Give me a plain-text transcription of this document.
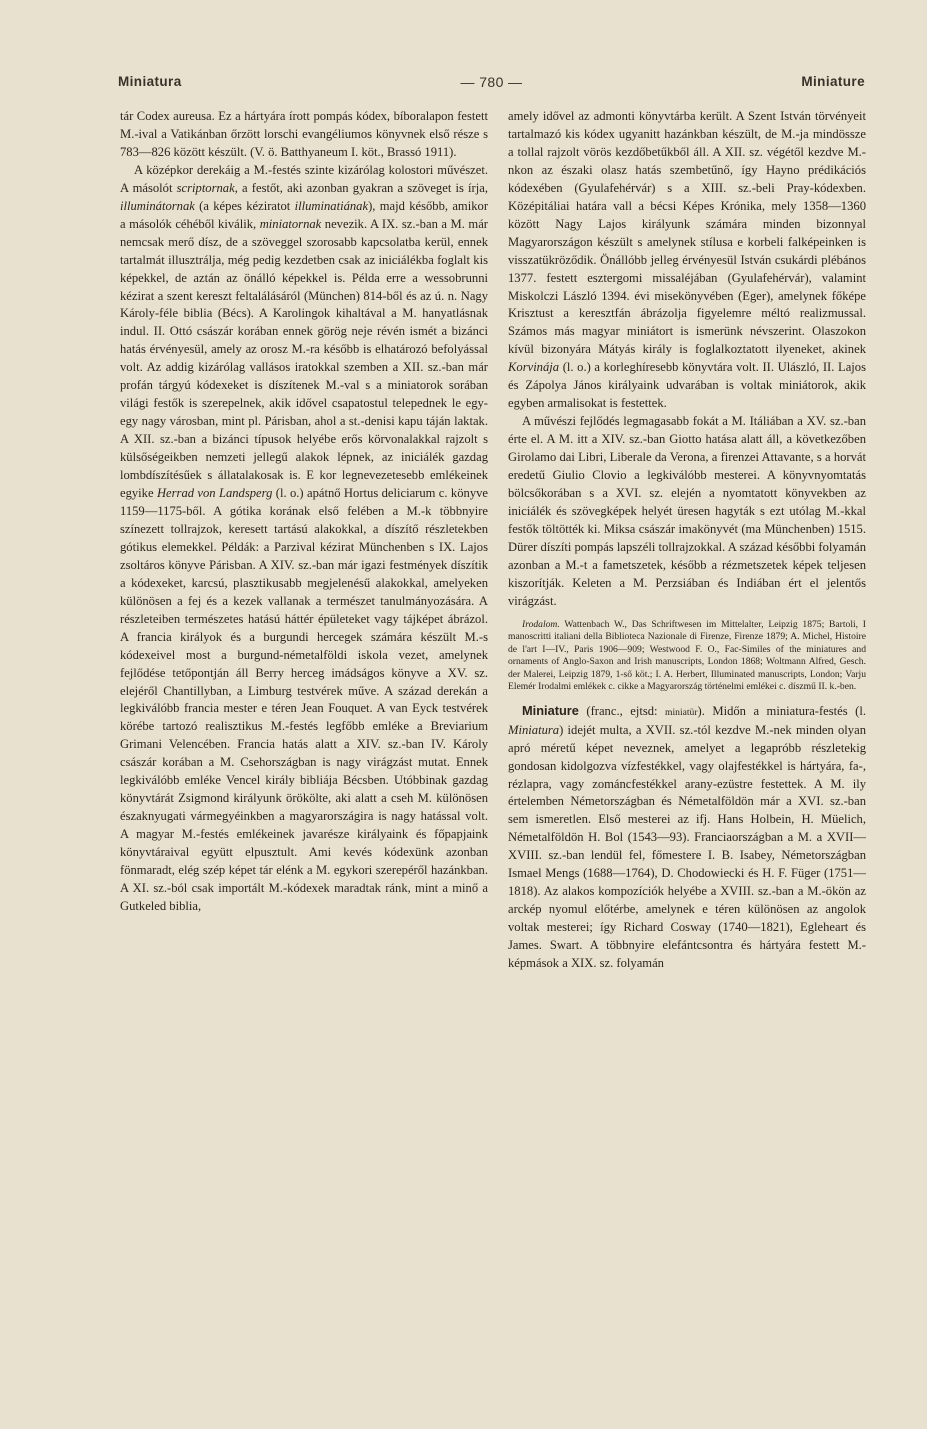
Miniatura	— 780 —	Miniature

tár Codex aureusa. Ez a hártyára írott pompás kódex, bíboralapon festett M.-ival a Vatikánban őrzött lorschi evangéliumos könyvnek első része s 783—826 között készült. (V. ö. Batthyaneum I. köt., Brassó 1911).

A középkor derekáig a M.-festés szinte kizárólag kolostori művészet. A másolót scriptornak, a festőt, aki azonban gyakran a szöveget is írja, illuminátornak (a képes kéziratot illuminatiának), majd később, amikor a másolók céhéből kiválik, miniatornak nevezik. A IX. sz.-ban a M. már nemcsak merő dísz, de a szöveggel szorosabb kapcsolatba kerül, ennek tartalmát illusztrálja, még pedig kezdetben csak az iniciálékba foglalt kis képekkel, de aztán az önálló képekkel is. Példa erre a wessobrunni kézirat a szent kereszt feltalálásáról (München) 814-ből és az ú. n. Nagy Károly-féle biblia (Bécs). A Karolingok kihaltával a M. hanyatlásnak indul. II. Ottó császár korában ennek görög neje révén ismét a bizánci hatás érvényesül, amely az orosz M.-ra később is elhatározó befolyással volt. Az addig kizárólag vallásos iratokkal szemben a XII. sz.-ban már profán tárgyú kódexeket is díszítenek M.-val s a miniatorok sorában világi festők is szerepelnek, akik idővel csapatostul telepednek le egy-egy nagy városban, mint pl. Párisban, ahol a st.-denisi kapu táján laktak. A XII. sz.-ban a bizánci típusok helyébe erős körvonalakkal rajzolt s külsőségeikben nemzeti jellegű alakok lépnek, az iniciálék gazdag lombdíszítésűek s állatalakosak is. E kor legnevezetesebb emlékeinek egyike Herrad von Landsperg (l. o.) apátnő Hortus deliciarum c. könyve 1159—1175-ből. A gótika korának első felében a M.-k többnyire színezett tollrajzok, keresett tartású alakokkal, a díszítő részletekben gótikus elemekkel. Példák: a Parzival kézirat Münchenben s IX. Lajos zsoltáros könyve Párisban. A XIV. sz.-ban már igazi festmények díszítik a kódexeket, karcsú, plasztikusabb megjelenésű alakokkal, amelyeken különösen a fej és a kezek vallanak a természet tanulmányozására. A részleteiben természetes hatású háttér épületeket vagy tájképet ábrázol. A francia királyok és a burgundi hercegek számára készült M.-s kódexeivel most a burgund-németalföldi iskola vezet, amelynek fejlődése tetőpontján áll Berry herceg imádságos könyve a XV. sz. elejéről Chantillyban, a Limburg testvérek műve. A század derekán a legkiválóbb francia mester e téren Jean Fouquet. A van Eyck testvérek körébe tartozó realisztikus M.-festés legfőbb emléke a Breviarium Grimani Velencében. Francia hatás alatt a XIV. sz.-ban IV. Károly császár korában a M. Csehországban is nagy virágzást mutat. Ennek legkiválóbb emléke Vencel király bibliája Bécsben. Utóbbinak gazdag könyvtárát Zsigmond királyunk örökölte, aki alatt a cseh M. különösen északnyugati vármegyéinkben a magyarországira is nagy hatással volt. A magyar M.-festés emlékeinek javarésze királyaink és főpapjaink könyvtáraival együtt elpusztult. Ami kevés kódexünk azonban fönmaradt, elég szép képet tár elénk a M. egykori szerepéről hazánkban. A XI. sz.-ból csak importált M.-kódexek maradtak ránk, mint a minő a Gutkeled biblia,

amely idővel az admonti könyvtárba került. A Szent István törvényeit tartalmazó kis kódex ugyanitt hazánkban készült, de M.-ja mindössze a tollal rajzolt vörös kezdőbetűkből áll. A XII. sz. végétől kezdve M.-nkon az északi olasz hatás szembetűnő, így Hayno prédikációs kódexében (Gyulafehérvár) s a XIII. sz.-beli Pray-kódexben. Középitáliai határa vall a bécsi Képes Krónika, mely 1358—1360 között Nagy Lajos királyunk számára minden bizonnyal Magyarországon készült s amelynek stílusa e korbeli falképeinken is visszatükröződik. Önállóbb jelleg érvényesül István csukárdi plébános 1377. festett esztergomi missaléjában (Gyulafehérvár), valamint Miskolczi László 1394. évi misekönyvében (Eger), amelynek főképe Krisztust a keresztfán ábrázolja figyelemre méltó realizmussal. Számos más magyar miniátort is ismerünk névszerint. Olaszokon kívül bizonyára Mátyás király is foglalkoztatott ilyeneket, akinek Korvinája (l. o.) a korleghíresebb könyvtára volt. II. Ulászló, II. Lajos és Zápolya János királyaink udvarában is voltak miniátorok, akik egyben armalisokat is festettek.

A művészi fejlődés legmagasabb fokát a M. Itáliában a XV. sz.-ban érte el. A M. itt a XIV. sz.-ban Giotto hatása alatt áll, a következőben Girolamo dai Libri, Liberale da Verona, a firenzei Attavante, s a horvát eredetű Giulio Clovio a legkiválóbb mesterei. A könyvnyomtatás bölcsőkorában s a XVI. sz. elején a nyomtatott könyvekben az iniciálék és szövegképek helyét üresen hagyták s ezt utólag M.-kkal festők töltötték ki. Miksa császár imakönyvét (ma Münchenben) 1515. Dürer díszíti pompás lapszéli tollrajzokkal. A század későbbi folyamán azonban a M.-t a fametszetek, később a rézmetszetek képek teljesen kiszorítják. Keleten a M. Perzsiában és Indiában ért el jelentős virágzást.

Irodalom. Wattenbach W., Das Schriftwesen im Mittelalter, Leipzig 1875; Bartoli, I manoscritti italiani della Biblioteca Nazionale di Firenze, Firenze 1879; A. Michel, Histoire de l'art I—IV., Paris 1906—909; Westwood F. O., Fac-Similes of the miniatures and ornaments of Anglo-Saxon and Irish manuscripts, London 1868; Woltmann Alfred, Gesch. der Malerei, Leipzig 1879, 1-ső köt.; I. A. Herbert, Illuminated manuscripts, London; Varju Elemér Irodalmi emlékek c. cikke a Magyarország történelmi emlékei c. díszmű II. k.-ben.

Miniature (franc., ejtsd: miniatür). Midőn a miniatura-festés (l. Miniatura) idejét multa, a XVII. sz.-tól kezdve M.-nek minden olyan apró méretű képet neveznek, amelyet a legapróbb részletekig gondosan kidolgozva vízfestékkel, vagy olajfestékkel is hártyára, fa-, rézlapra, vagy zománcfestékkel arany-ezüstre festettek. A M. ily értelemben Németországban és Németalföldön már a XVI. sz.-ban sem ismeretlen. Első mesterei az ifj. Hans Holbein, H. Müelich, Németalföldön H. Bol (1543—93). Franciaországban a M. a XVII—XVIII. sz.-ban lendül fel, főmestere I. B. Isabey, Németországban Ismael Mengs (1688—1764), D. Chodowiecki és H. F. Füger (1751—1818). Az alakos kompozíciók helyébe a XVIII. sz.-ban a M.-ökön az arckép nyomul előtérbe, amelynek e téren különösen az angolok voltak mesterei; így Richard Cosway (1740—1821), Egleheart és James. Swart. A többnyire elefántcsontra és hártyára festett M.-képmások a XIX. sz. folyamán
